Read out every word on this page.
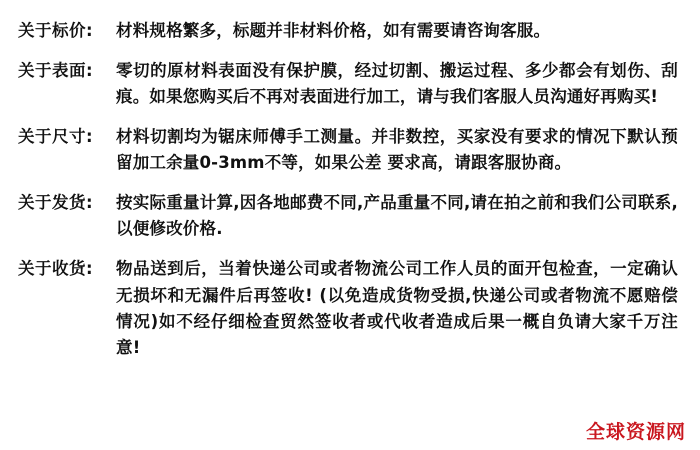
关于标价:	材料规格繁多，标题并非材料价格，如有需要请咨询客服。
关于表面:	零切的原材料表面没有保护膜，经过切割、搬运过程、多少都会有划伤、刮痕。如果您购买后不再对表面进行加工，请与我们客服人员沟通好再购买!
关于尺寸:	材料切割均为锯床师傅手工测量。并非数控，买家没有要求的情况下默认预留加工余量0-3mm不等，如果公差 要求高，请跟客服协商。
关于发货:	按实际重量计算,因各地邮费不同,产品重量不同,请在拍之前和我们公司联系,以便修改价格.
关于收货:	物品送到后，当着快递公司或者物流公司工作人员的面开包检查，一定确认无损坏和无漏件后再签收! (以免造成货物受损,快递公司或者物流不愿赔偿情况)如不经仔细检查贸然签收者或代收者造成后果一概自负请大家千万注意!
全球资源网
